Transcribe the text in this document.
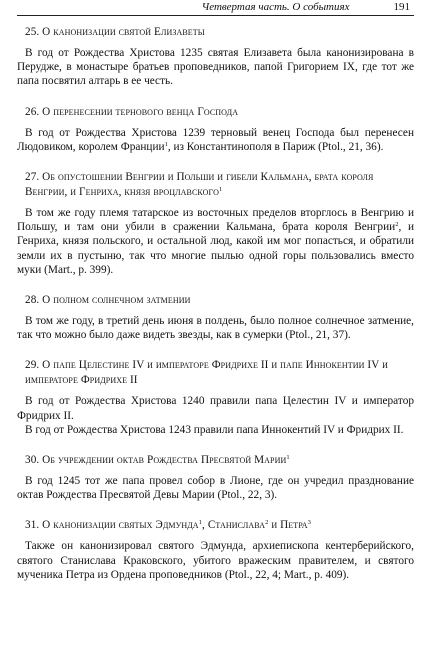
Четвертая часть. О событиях	191
25. О канонизации святой Елизаветы

В год от Рождества Христова 1235 святая Елизавета была канонизирована в Перудже, в монастыре братьев проповедников, папой Григорием IX, где тот же папа посвятил алтарь в ее честь.

26. О перенесении тернового венца Господа

В год от Рождества Христова 1239 терновый венец Господа был перенесен Людовиком, королем Франции$^1$, из Константинополя в Париж (Ptol., 21, 36).

27. Об опустошении Венгрии и Польши и гибели Кальмана, брата короля Венгрии, и Генриха, князя вроцлавского$^1$

В том же году племя татарское из восточных пределов вторглось в Венгрию и Польшу, и там они убили в сражении Кальмана, брата короля Венгрии$^2$, и Генриха, князя польского, и остальной люд, какой им мог попасться, и обратили земли их в пустыню, так что многие пылью одной горы пользовались вместо муки (Mart., p. 399).

28. О полном солнечном затмении

В том же году, в третий день июня в полдень, было полное солнечное затмение, так что можно было даже видеть звезды, как в сумерки (Ptol., 21, 37).

29. О папе Целестине IV и императоре Фридрихе II и папе Иннокентии IV и императоре Фридрихе II

В год от Рождества Христова 1240 правили папа Целестин IV и император Фридрих II.

В год от Рождества Христова 1243 правили папа Иннокентий IV и Фридрих II.

30. Об учреждении октав Рождества Пресвятой Марии$^1$

В год 1245 тот же папа провел собор в Лионе, где он учредил празднование октав Рождества Пресвятой Девы Марии (Ptol., 22, 3).

31. О канонизации святых Эдмунда$^1$, Станислава$^2$ и Петра$^3$

Также он канонизировал святого Эдмунда, архиепископа кентерберийского, святого Станислава Краковского, убитого вражеским правителем, и святого мученика Петра из Ордена проповедников (Ptol., 22, 4; Mart., p. 409).
